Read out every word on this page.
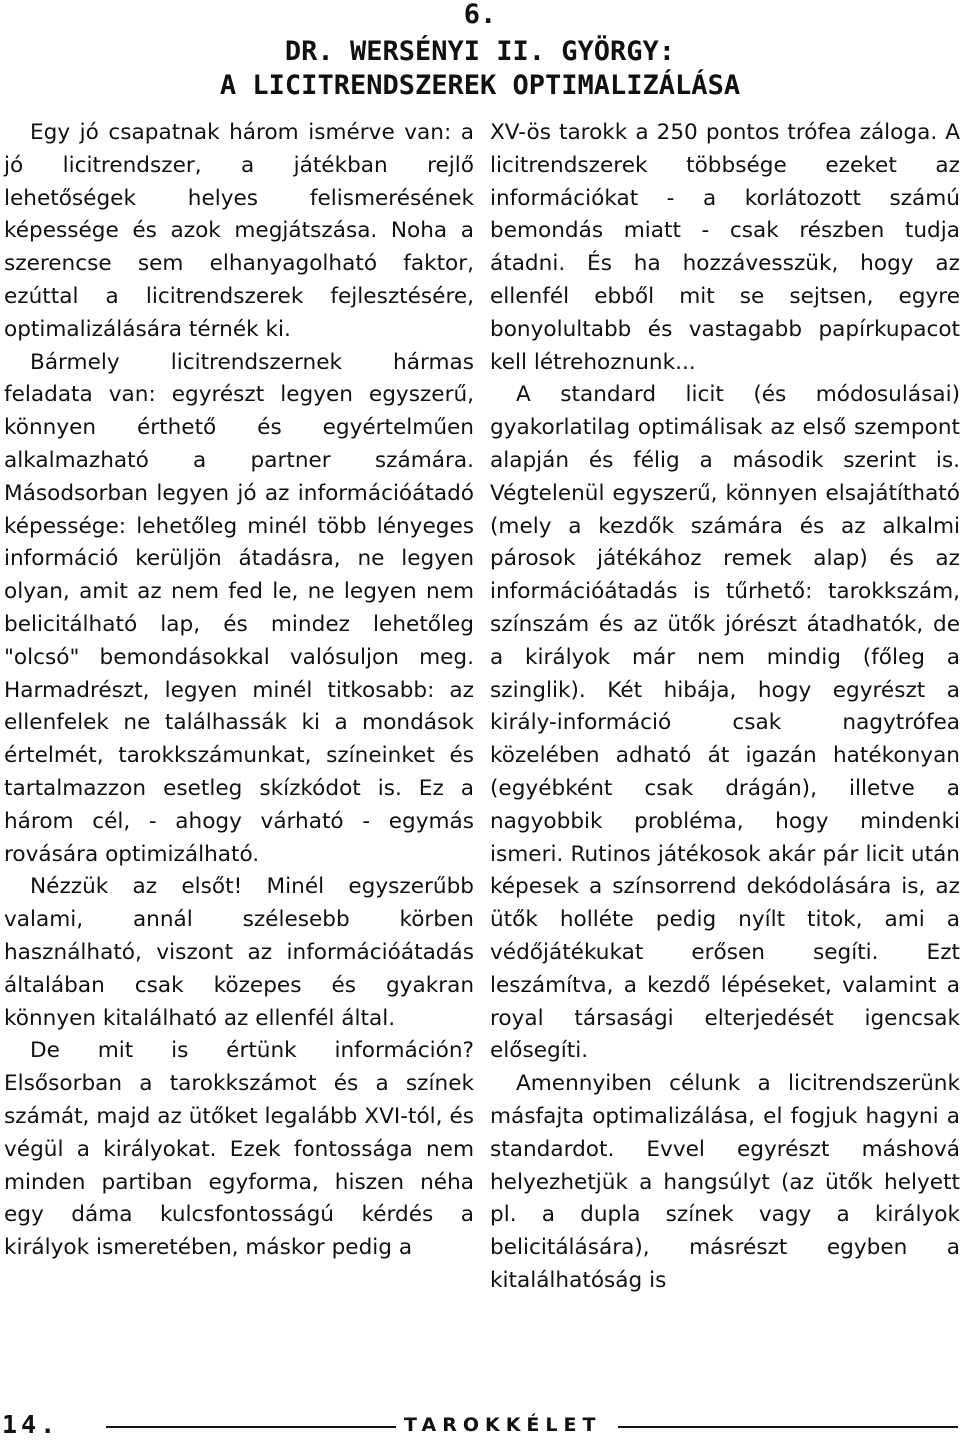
6.
DR. WERSÉNYI II. GYÖRGY:
A LICITRENDSZEREK OPTIMALIZÁLÁSA

Egy jó csapatnak három ismérve van: a jó licitrendszer, a játékban rejlő lehetőségek helyes felismerésének képessége és azok megjátszása. Noha a szerencse sem elhanyagolható faktor, ezúttal a licitrendszerek fejlesztésére, optimalizálására térnék ki.

Bármely licitrendszernek hármas feladata van: egyrészt legyen egyszerű, könnyen érthető és egyértelműen alkalmazható a partner számára. Másodsorban legyen jó az információátadó képessége: lehetőleg minél több lényeges információ kerüljön átadásra, ne legyen olyan, amit az nem fed le, ne legyen nem belicitálható lap, és mindez lehetőleg "olcsó" bemondásokkal valósuljon meg. Harmadrészt, legyen minél titkosabb: az ellenfelek ne találhassák ki a mondások értelmét, tarokkszámunkat, színeinket és tartalmazzon esetleg skízkódot is. Ez a három cél, - ahogy várható - egymás rovására optimizálható.

Nézzük az elsőt! Minél egyszerűbb valami, annál szélesebb körben használható, viszont az információátadás általában csak közepes és gyakran könnyen kitalálható az ellenfél által.

De mit is értünk információn? Elsősorban a tarokkszámot és a színek számát, majd az ütőket legalább XVI-tól, és végül a királyokat. Ezek fontossága nem minden partiban egyforma, hiszen néha egy dáma kulcsfontosságú kérdés a királyok ismeretében, máskor pedig a

XV-ös tarokk a 250 pontos trófea záloga. A licitrendszerek többsége ezeket az információkat - a korlátozott számú bemondás miatt - csak részben tudja átadni. És ha hozzávesszük, hogy az ellenfél ebből mit se sejtsen, egyre bonyolultabb és vastagabb papírkupacot kell létrehoznunk...

A standard licit (és módosulásai) gyakorlatilag optimálisak az első szempont alapján és félig a második szerint is. Végtelenül egyszerű, könnyen elsajátítható (mely a kezdők számára és az alkalmi párosok játékához remek alap) és az információátadás is tűrhető: tarokkszám, színszám és az ütők jórészt átadhatók, de a királyok már nem mindig (főleg a szinglik). Két hibája, hogy egyrészt a király-információ csak nagytrófea közelében adható át igazán hatékonyan (egyébként csak drágán), illetve a nagyobbik probléma, hogy mindenki ismeri. Rutinos játékosok akár pár licit után képesek a színsorrend dekódolására is, az ütők holléte pedig nyílt titok, ami a védőjátékukat erősen segíti. Ezt leszámítva, a kezdő lépéseket, valamint a royal társasági elterjedését igencsak elősegíti.

Amennyiben célunk a licitrendszerünk másfajta optimalizálása, el fogjuk hagyni a standardot. Evvel egyrészt máshová helyezhetjük a hangsúlyt (az ütők helyett pl. a dupla színek vagy a királyok belicitálására), másrészt egyben a kitalálhatóság is

14.	TAROKKÉLET
